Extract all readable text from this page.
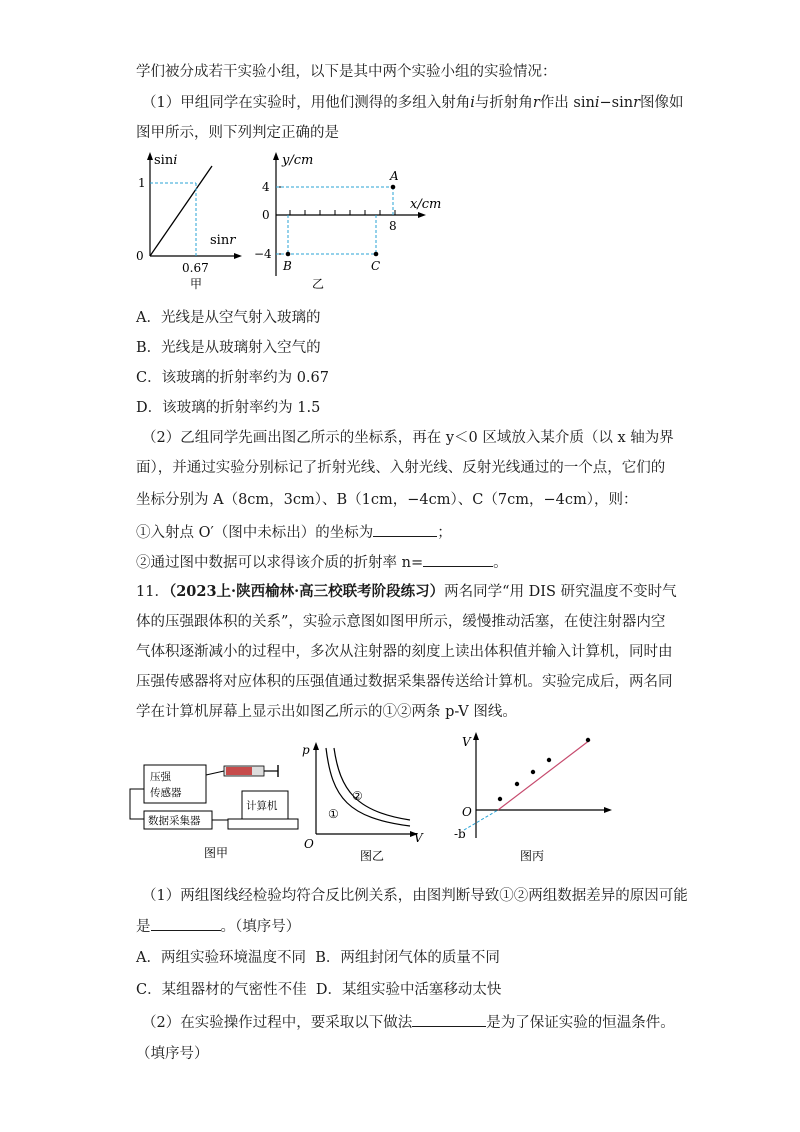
学们被分成若干实验小组，以下是其中两个实验小组的实验情况：
（1）甲组同学在实验时，用他们测得的多组入射角i与折射角r作出 sini−sinr图像如
图甲所示，则下列判定正确的是
sini
sinr
1
0
0.67
甲
y/cm
x/cm
4
0
−4
8
A
B	C
乙
A．光线是从空气射入玻璃的
B．光线是从玻璃射入空气的
C．该玻璃的折射率约为 0.67
D．该玻璃的折射率约为 1.5
（2）乙组同学先画出图乙所示的坐标系，再在 y＜0 区域放入某介质（以 x 轴为界
面），并通过实验分别标记了折射光线、入射光线、反射光线通过的一个点，它们的
坐标分别为 A（8cm，3cm）、B（1cm，−4cm）、C（7cm，−4cm），则：
①入射点 O′（图中未标出）的坐标为	；
②通过图中数据可以求得该介质的折射率 n=	。
11．（2023上·陕西榆林·高三校联考阶段练习）两名同学“用 DIS 研究温度不变时气
体的压强跟体积的关系”，实验示意图如图甲所示，缓慢推动活塞，在使注射器内空
气体积逐渐减小的过程中，多次从注射器的刻度上读出体积值并输入计算机，同时由
压强传感器将对应体积的压强值通过数据采集器传送给计算机。实验完成后，两名同
学在计算机屏幕上显示出如图乙所示的①②两条 p-V 图线。
压强
传感器
数据采集器
计算机
图甲
p
V
O
①
②
图乙
V
O
-b
图丙
（1）两组图线经检验均符合反比例关系，由图判断导致①②两组数据差异的原因可能
是	。（填序号）
A．两组实验环境温度不同 B．两组封闭气体的质量不同
C．某组器材的气密性不佳 D．某组实验中活塞移动太快
（2）在实验操作过程中，要采取以下做法	是为了保证实验的恒温条件。
（填序号）
